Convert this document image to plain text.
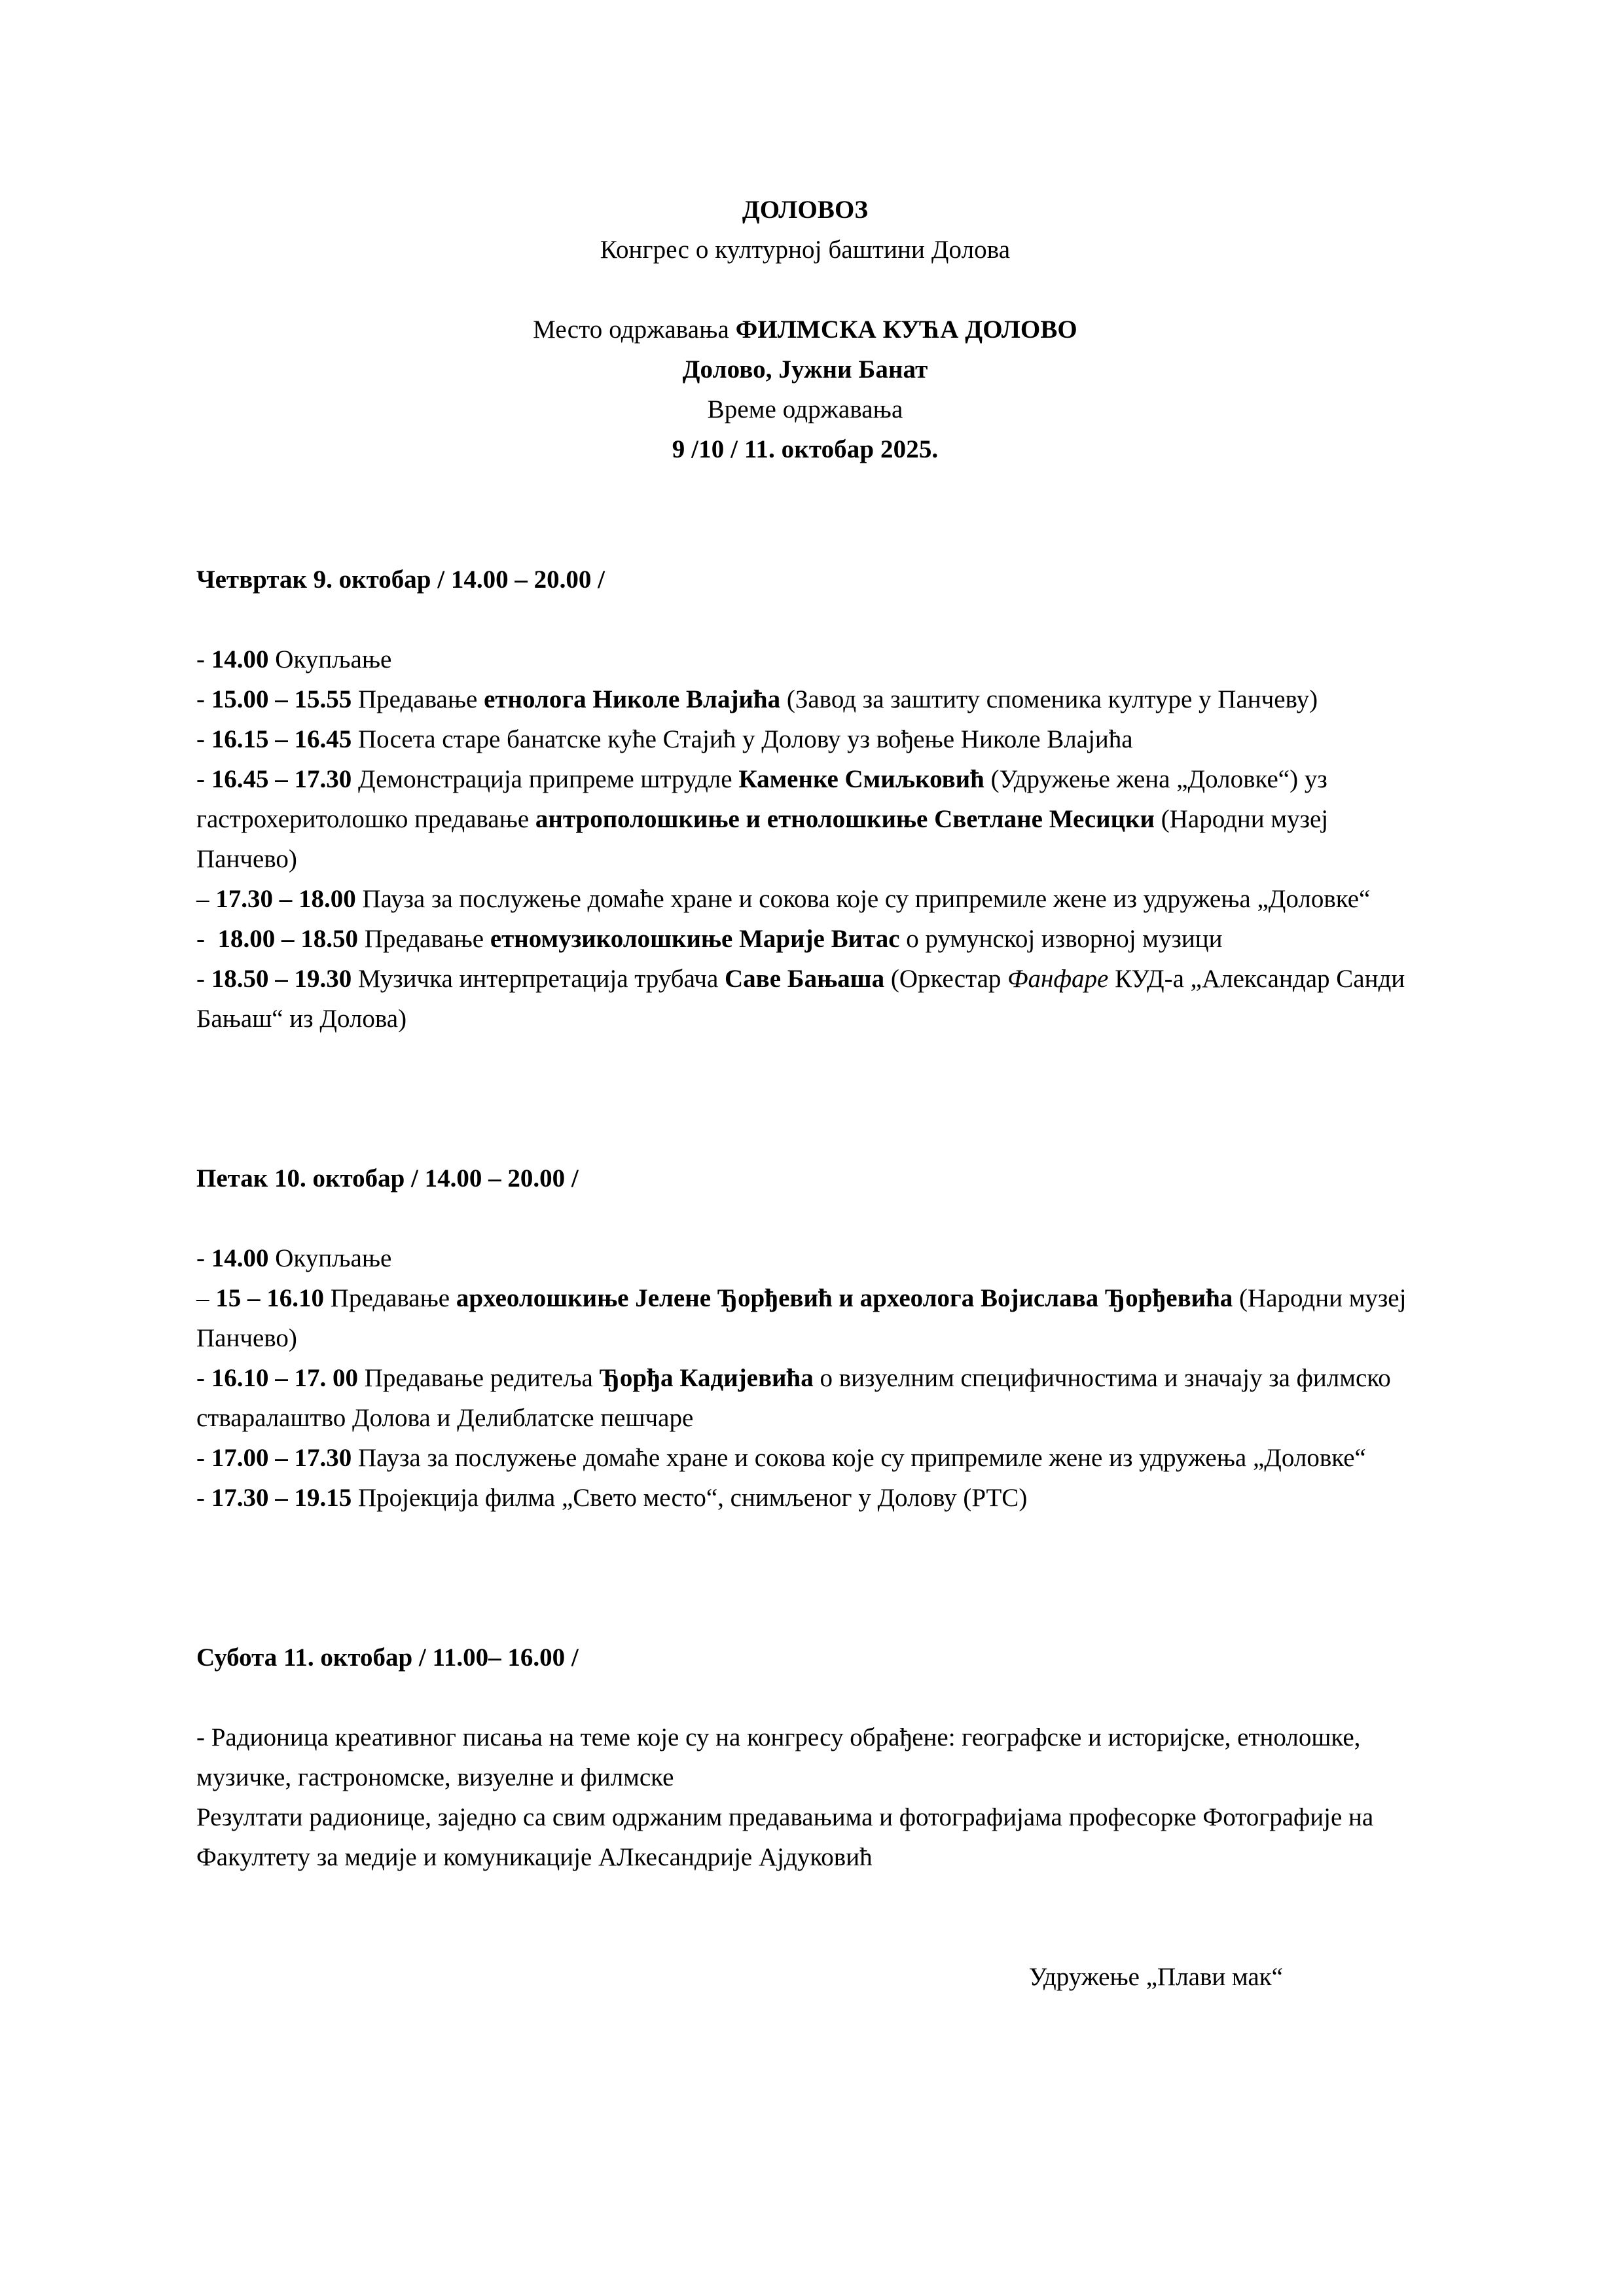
ДОЛОВОЗ
Конгрес о културној баштини Долова
Место одржавања ФИЛМСКА КУЋА ДОЛОВО
Долово, Јужни Банат
Време одржавања
9 /10 / 11. октобар 2025.
Четвртак 9. октобар / 14.00 – 20.00 /
- 14.00 Окупљање
- 15.00 – 15.55 Предавање етнолога Николе Влајића (Завод за заштиту споменика културе у Панчеву)
- 16.15 – 16.45 Посета старе банатске куће Стајић у Долову уз вођење Николе Влајића
- 16.45 – 17.30 Демонстрација припреме штрудле Каменке Смиљковић (Удружење жена „Доловке“) уз гастрохеритолошко предавање антрополошкиње и етнолошкиње Светлане Месицки (Народни музеј Панчево)
– 17.30 – 18.00 Пауза за послужење домаће хране и сокова које су припремиле жене из удружења „Доловке“
-  18.00 – 18.50 Предавање етномузиколошкиње Марије Витас о румунској изворној музици
- 18.50 – 19.30 Музичка интерпретација трубача Саве Бањаша (Оркестар Фанфаре КУД-а „Александар Санди Бањаш“ из Долова)
Петак 10. октобар / 14.00 – 20.00 /
- 14.00 Окупљање
– 15 – 16.10 Предавање археолошкиње Јелене Ђорђевић и археолога Војислава Ђорђевића (Народни музеј Панчево)
- 16.10 – 17. 00 Предавање редитеља Ђорђа Кадијевића о визуелним специфичностима и значају за филмско стваралаштво Долова и Делиблатске пешчаре
- 17.00 – 17.30 Пауза за послужење домаће хране и сокова које су припремиле жене из удружења „Доловке“
- 17.30 – 19.15 Пројекција филма „Свето место“, снимљеног у Долову (РТС)
Субота 11. октобар / 11.00– 16.00 /
- Радионица креативног писања на теме које су на конгресу обрађене: географске и историјске, етнолошке, музичке, гастрономске, визуелне и филмске
Резултати радионице, заједно са свим одржаним предавањима и фотографијама професорке Фотографије на Факултету за медије и комуникације АЛкесандрије Ајдуковић
Удружење „Плави мак“
